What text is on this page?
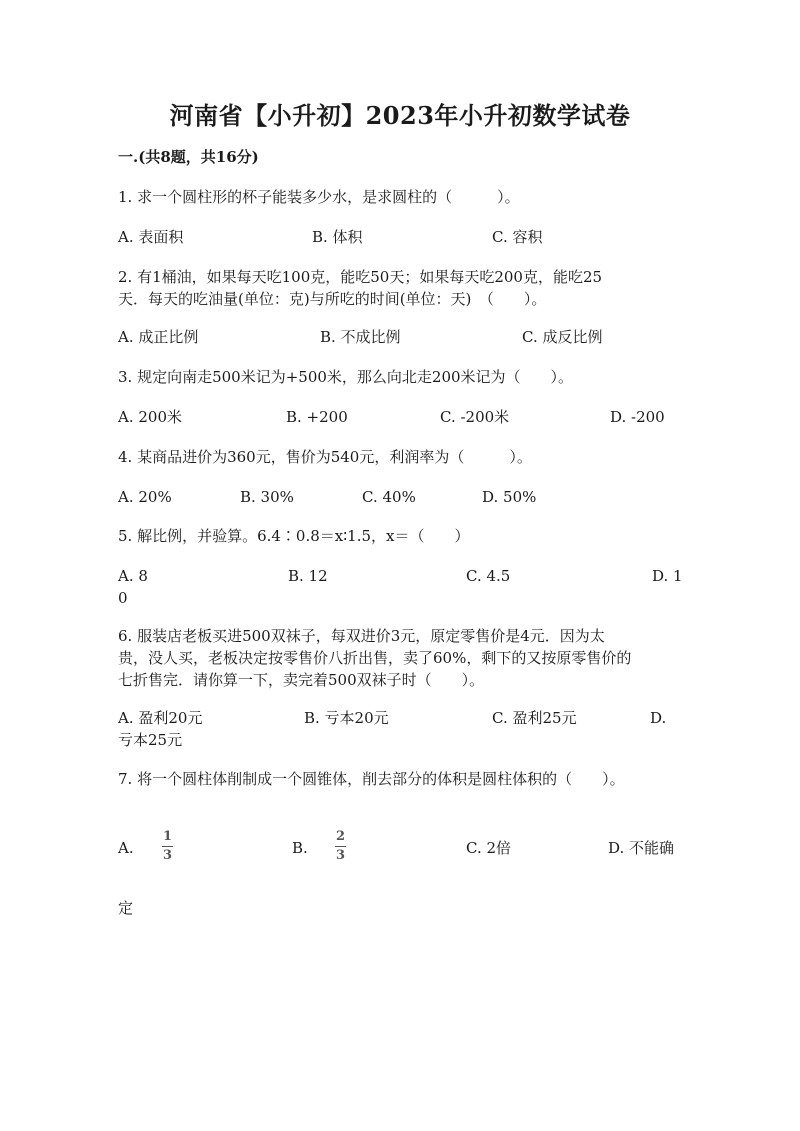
河南省【小升初】2023年小升初数学试卷
一.(共8题，共16分)
1. 求一个圆柱形的杯子能装多少水，是求圆柱的（　　　）。
A. 表面积	B. 体积	C. 容积
2. 有1桶油，如果每天吃100克，能吃50天；如果每天吃200克，能吃25
天．每天的吃油量(单位：克)与所吃的时间(单位：天)　（　　）。
A. 成正比例	B. 不成比例	C. 成反比例
3. 规定向南走500米记为+500米，那么向北走200米记为（　　）。
A. 200米	B. +200	C. -200米	D. -200
4. 某商品进价为360元，售价为540元，利润率为（　　　）。
A. 20%	B. 30%	C. 40%	D. 50%
5. 解比例，并验算。6.4∶0.8＝x∶1.5，x＝（　　）
A. 8	B. 12	C. 4.5	D. 1
0
6. 服装店老板买进500双袜子，每双进价3元，原定零售价是4元．因为太
贵，没人买，老板决定按零售价八折出售，卖了60%，剩下的又按原零售价的
七折售完．请你算一下，卖完着500双袜子时（　　）。
A. 盈利20元	B. 亏本20元	C. 盈利25元	D.
亏本25元
7. 将一个圆柱体削制成一个圆锥体，削去部分的体积是圆柱体积的（　　）。
A.
1
3	B.
2
3	C. 2倍	D. 不能确
定
